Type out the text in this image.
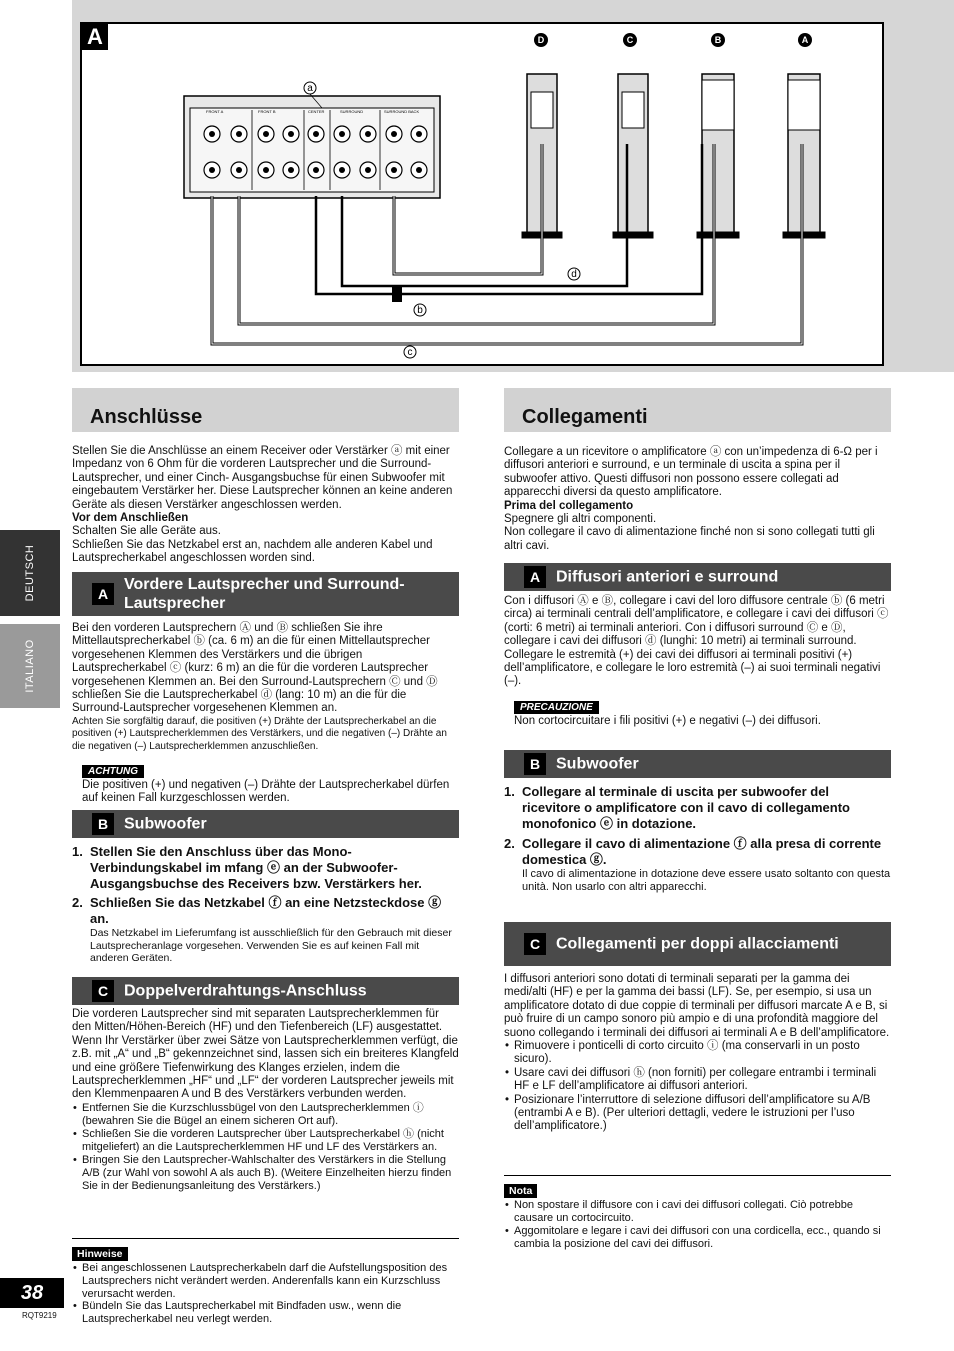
FRONT A	FRONT B	CENTER	SURROUND	SURROUND BACK
a
b
c
d
D	C	B	A
A
DEUTSCH
ITALIANO
Anschlüsse

Stellen Sie die Anschlüsse an einem Receiver oder Verstärker ⓐ mit einer Impedanz von 6 Ohm für die vorderen Lautsprecher und die Surround-Lautsprecher, und einer Cinch- Ausgangsbuchse für einen Subwoofer mit eingebautem Verstärker her. Diese Lautsprecher können an keine anderen Geräte als diesen Verstärker angeschlossen werden.

Vor dem Anschließen

Schalten Sie alle Geräte aus.

Schließen Sie das Netzkabel erst an, nachdem alle anderen Kabel und Lautsprecherkabel angeschlossen worden sind.

A
Vordere Lautsprecher und Surround-Lautsprecher

Bei den vorderen Lautsprechern Ⓐ und Ⓑ schließen Sie ihre Mittellautsprecherkabel ⓑ (ca. 6 m) an die für einen Mittellautsprecher vorgesehenen Klemmen des Verstärkers und die übrigen Lautsprecherkabel ⓒ (kurz: 6 m) an die für die vorderen Lautsprecher vorgesehenen Klemmen an. Bei den Surround-Lautsprechern Ⓒ und Ⓓ schließen Sie die Lautsprecherkabel ⓓ (lang: 10 m) an die für die Surround-Lautsprecher vorgesehenen Klemmen an.

Achten Sie sorgfältig darauf, die positiven (+) Drähte der Lautsprecherkabel an die positiven (+) Lautsprecherklemmen des Verstärkers, und die negativen (–) Drähte an die negativen (–) Lautsprecherklemmen anzuschließen.

ACHTUNG

Die positiven (+) und negativen (–) Drähte der Lautsprecherkabel dürfen auf keinen Fall kurzgeschlossen werden.

B Subwoofer
1. Stellen Sie den Anschluss über das Mono-Verbindungskabel im mfang ⓔ an der Subwoofer-Ausgangsbuchse des Receivers bzw. Verstärkers her.
2. Schließen Sie das Netzkabel ⓕ an eine Netzsteckdose ⓖ an.

Das Netzkabel im Lieferumfang ist ausschließlich für den Gebrauch mit dieser Lautsprecheranlage vorgesehen. Verwenden Sie es auf keinen Fall mit anderen Geräten.

C Doppelverdrahtungs-Anschluss

Die vorderen Lautsprecher sind mit separaten Lautsprecherklemmen für den Mitten/Höhen-Bereich (HF) und den Tiefenbereich (LF) ausgestattet. Wenn Ihr Verstärker über zwei Sätze von Lautsprecherklemmen verfügt, die z.B. mit „A“ und „B“ gekennzeichnet sind, lassen sich ein breiteres Klangfeld und eine größere Tiefenwirkung des Klanges erzielen, indem die Lautsprecherklemmen „HF“ und „LF“ der vorderen Lautsprecher jeweils mit den Klemmenpaaren A und B des Verstärkers verbunden werden.

• Entfernen Sie die Kurzschlussbügel von den Lautsprecherklemmen ⓘ (bewahren Sie die Bügel an einem sicheren Ort auf).
• Schließen Sie die vorderen Lautsprecher über Lautsprecherkabel ⓗ (nicht mitgeliefert) an die Lautsprecherklemmen HF und LF des Verstärkers an.
• Bringen Sie den Lautsprecher-Wahlschalter des Verstärkers in die Stellung A/B (zur Wahl von sowohl A als auch B). (Weitere Einzelheiten hierzu finden Sie in der Bedienungsanleitung des Verstärkers.)
Hinweise
• Bei angeschlossenen Lautsprecherkabeln darf die Aufstellungsposition des Lautsprechers nicht verändert werden. Anderenfalls kann ein Kurzschluss verursacht werden.
• Bündeln Sie das Lautsprecherkabel mit Bindfaden usw., wenn die Lautsprecherkabel neu verlegt werden.
Collegamenti

Collegare a un ricevitore o amplificatore ⓐ con un’impedenza di 6-Ω per i diffusori anteriori e surround, e un terminale di uscita a spina per il subwoofer attivo. Questi diffusori non possono essere collegati ad apparecchi diversi da questo amplificatore.

Prima del collegamento

Spegnere gli altri componenti.

Non collegare il cavo di alimentazione finché non si sono collegati tutti gli altri cavi.

A Diffusori anteriori e surround

Con i diffusori Ⓐ e Ⓑ, collegare i cavi del loro diffusore centrale ⓑ (6 metri circa) ai terminali centrali dell’amplificatore, e collegare i cavi dei diffusori ⓒ (corti: 6 metri) ai terminali anteriori. Con i diffusori surround Ⓒ e Ⓓ, collegare i cavi dei diffusori ⓓ (lunghi: 10 metri) ai terminali surround.

Collegare le estremità (+) dei cavi dei diffusori ai terminali positivi (+) dell’amplificatore, e collegare le loro estremità (–) ai suoi terminali negativi (–).

PRECAUZIONE

Non cortocircuitare i fili positivi (+) e negativi (–) dei diffusori.

B Subwoofer
1. Collegare al terminale di uscita per subwoofer del ricevitore o amplificatore con il cavo di collegamento monofonico ⓔ in dotazione.
2. Collegare il cavo di alimentazione ⓕ alla presa di corrente domestica ⓖ.

Il cavo di alimentazione in dotazione deve essere usato soltanto con questa unità. Non usarlo con altri apparecchi.

C Collegamenti per doppi allacciamenti

I diffusori anteriori sono dotati di terminali separati per la gamma dei medi/alti (HF) e per la gamma dei bassi (LF). Se, per esempio, si usa un amplificatore dotato di due coppie di terminali per diffusori marcate A e B, si può fruire di un campo sonoro più ampio e di una profondità maggiore del suono collegando i terminali dei diffusori ai terminali A e B dell’amplificatore.

• Rimuovere i ponticelli di corto circuito ⓘ (ma conservarli in un posto sicuro).
• Usare cavi dei diffusori ⓗ (non forniti) per collegare entrambi i terminali HF e LF dell’amplificatore ai diffusori anteriori.
• Posizionare l’interruttore di selezione diffusori dell’amplificatore su A/B (entrambi A e B). (Per ulteriori dettagli, vedere le istruzioni per l’uso dell’amplificatore.)
Nota
• Non spostare il diffusore con i cavi dei diffusori collegati. Ciò potrebbe causare un cortocircuito.
• Aggomitolare e legare i cavi dei diffusori con una cordicella, ecc., quando si cambia la posizione del cavi dei diffusori.
38
RQT9219
